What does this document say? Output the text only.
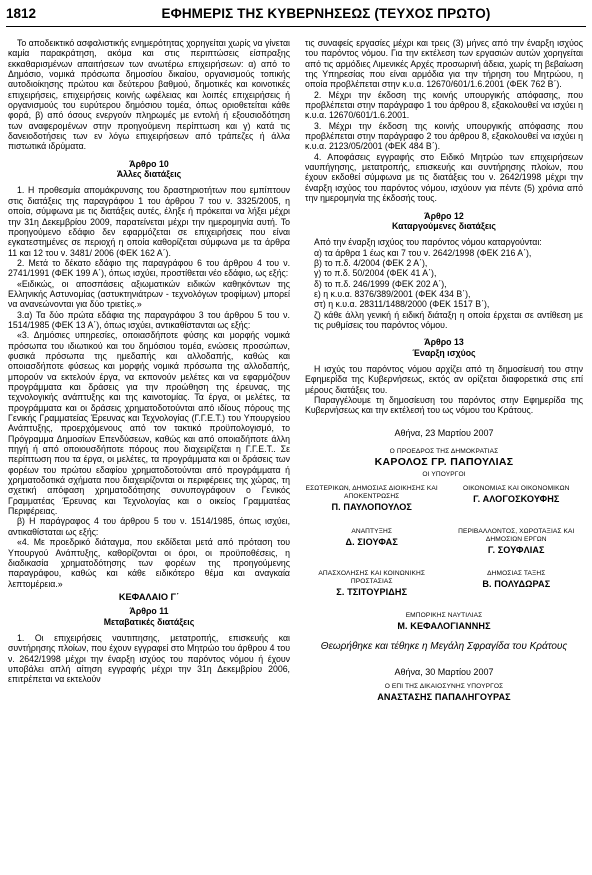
1812	ΕΦΗΜΕΡΙΣ ΤΗΣ ΚΥΒΕΡΝΗΣΕΩΣ (ΤΕΥΧΟΣ ΠΡΩΤΟ)

Το αποδεικτικό ασφαλιστικής ενημερότητας χορηγείται χωρίς να γίνεται καμία παρακράτηση, ακόμα και στις περιπτώσεις είσπραξης εκκαθαρισμένων απαιτήσεων των ανωτέρω επιχειρήσεων: α) από το Δημόσιο, νομικά πρόσωπα δημοσίου δικαίου, οργανισμούς τοπικής αυτοδιοίκησης πρώτου και δεύτερου βαθμού, δημοτικές και κοινοτικές επιχειρήσεις, επιχειρήσεις κοινής ωφέλειας και λοιπές επιχειρήσεις ή οργανισμούς του ευρύτερου δημόσιου τομέα, όπως οριοθετείται κάθε φορά, β) από όσους ενεργούν πληρωμές με εντολή ή εξουσιοδότηση των αναφερομένων στην προηγούμενη περίπτωση και γ) κατά τις δανειοδοτήσεις των εν λόγω επιχειρήσεων από τράπεζες ή άλλα πιστωτικά ιδρύματα.

Άρθρο 10

Άλλες διατάξεις

1. Η προθεσμία απομάκρυνσης του δραστηριοτήτων που εμπίπτουν στις διατάξεις της παραγράφου 1 του άρθρου 7 του ν. 3325/2005, η οποία, σύμφωνα με τις διατάξεις αυτές, έληξε ή πρόκειται να λήξει μέχρι την 31η Δεκεμβρίου 2009, παρατείνεται μέχρι την ημερομηνία αυτή. Το προηγούμενο εδάφιο δεν εφαρμόζεται σε επιχειρήσεις που είναι εγκατεστημένες σε περιοχή η οποία καθορίζεται σύμφωνα με τα άρθρα 11 και 12 του ν. 3481/ 2006 (ΦΕΚ 162 Α΄).

2. Μετά το δέκατο εδάφιο της παραγράφου 6 του άρθρου 4 του ν. 2741/1991 (ΦΕΚ 199 Α΄), όπως ισχύει, προστίθεται νέο εδάφιο, ως εξής:

«Ειδικώς, οι αποσπάσεις αξιωματικών ειδικών καθηκόντων της Ελληνικής Αστυνομίας (αστυκτηνιάτρων - τεχνολόγων τροφίμων) μπορεί να ανανεώνονται για δύο τριετίες.»

3.α) Τα δύο πρώτα εδάφια της παραγράφου 3 του άρθρου 5 του ν. 1514/1985 (ΦΕΚ 13 Α΄), όπως ισχύει, αντικαθίστανται ως εξής:

«3. Δημόσιες υπηρεσίες, οποιασδήποτε φύσης και μορφής νομικά πρόσωπα του ιδιωτικού και του δημόσιου τομέα, ενώσεις προσώπων, φυσικά πρόσωπα της ημεδαπής και αλλοδαπής, καθώς και οποιασδήποτε φύσεως και μορφής νομικά πρόσωπα της αλλοδαπής, μπορούν να εκτελούν έργα, να εκπονούν μελέτες και να εφαρμόζουν προγράμματα και δράσεις για την προώθηση της έρευνας, της τεχνολογικής ανάπτυξης και της καινοτομίας. Τα έργα, οι μελέτες, τα προγράμματα και οι δράσεις χρηματοδοτούνται από ιδίους πόρους της Γενικής Γραμματείας Έρευνας και Τεχνολογίας (Γ.Γ.Ε.Τ.) του Υπουργείου Ανάπτυξης, προερχόμενους από τον τακτικό προϋπολογισμό, το Πρόγραμμα Δημοσίων Επενδύσεων, καθώς και από οποιαδήποτε άλλη πηγή ή από οποιουσδήποτε πόρους που διαχειρίζεται η Γ.Γ.Ε.Τ.. Σε περίπτωση που τα έργα, οι μελέτες, τα προγράμματα και οι δράσεις των φορέων του πρώτου εδαφίου χρηματοδοτούνται από προγράμματα ή χρηματοδοτικά σχήματα που διαχειρίζονται οι περιφέρειες της χώρας, τη σχετική απόφαση χρηματοδότησης συνυπογράφουν ο Γενικός Γραμματέας Έρευνας και Τεχνολογίας και ο οικείος Γραμματέας Περιφέρειας.

β) Η παράγραφος 4 του άρθρου 5 του ν. 1514/1985, όπως ισχύει, αντικαθίσταται ως εξής:

«4. Με προεδρικό διάταγμα, που εκδίδεται μετά από πρόταση του Υπουργού Ανάπτυξης, καθορίζονται οι όροι, οι προϋποθέσεις, η διαδικασία χρηματοδότησης των φορέων της προηγούμενης παραγράφου, καθώς και κάθε ειδικότερο θέμα και αναγκαία λεπτομέρεια.»

ΚΕΦΑΛΑΙΟ Γ΄

Άρθρο 11

Μεταβατικές διατάξεις

1. Οι επιχειρήσεις ναυτιπησης, μετατροπής, επισκευής και συντήρησης πλοίων, που έχουν εγγραφεί στο Μητρώο του άρθρου 4 του ν. 2642/1998 μέχρι την έναρξη ισχύος του παρόντος νόμου ή έχουν υποβάλει απλή αίτηση εγγραφής μέχρι την 31η Δεκεμβρίου 2006, επιτρέπεται να εκτελούν

τις συναφείς εργασίες μέχρι και τρεις (3) μήνες από την έναρξη ισχύος του παρόντος νόμου. Για την εκτέλεση των εργασιών αυτών χορηγείται από τις αρμόδιες Λιμενικές Αρχές προσωρινή άδεια, χωρίς τη βεβαίωση της Υπηρεσίας που είναι αρμόδια για την τήρηση του Μητρώου, η οποία προβλέπεται στην κ.υ.α. 12670/601/1.6.2001 (ΦΕΚ 762 Β΄).

2. Μέχρι την έκδοση της κοινής υπουργικής απόφασης, που προβλέπεται στην παράγραφο 1 του άρθρου 8, εξακολουθεί να ισχύει η κ.υ.α. 12670/601/1.6.2001.

3. Μέχρι την έκδοση της κοινής υπουργικής απόφασης που προβλέπεται στην παράγραφο 2 του άρθρου 8, εξακολουθεί να ισχύει η κ.υ.α. 2123/05/2001 (ΦΕΚ 484 Β΄).

4. Αποφάσεις εγγραφής στο Ειδικό Μητρώο των επιχειρήσεων ναυπήγησης, μετατροπής, επισκευής και συντήρησης πλοίων, που έχουν εκδοθεί σύμφωνα με τις διατάξεις του ν. 2642/1998 μέχρι την έναρξη ισχύος του παρόντος νόμου, ισχύουν για πέντε (5) χρόνια από την ημερομηνία της έκδοσής τους.

Άρθρο 12

Καταργούμενες διατάξεις

Από την έναρξη ισχύος του παρόντος νόμου καταργούνται:

α) τα άρθρα 1 έως και 7 του ν. 2642/1998 (ΦΕΚ 216 Α΄),
β) το π.δ. 4/2004 (ΦΕΚ 2 Α΄),
γ) το π.δ. 50/2004 (ΦΕΚ 41 Α΄),
δ) το π.δ. 246/1999 (ΦΕΚ 202 Α΄),
ε) η κ.υ.α. 8376/389/2001 (ΦΕΚ 434 Β΄),
στ) η κ.υ.α. 28311/1488/2000 (ΦΕΚ 1517 Β΄),
ζ) κάθε άλλη γενική ή ειδική διάταξη η οποία έρχεται σε αντίθεση με τις ρυθμίσεις του παρόντος νόμου.

Άρθρο 13

Έναρξη ισχύος

Η ισχύς του παρόντος νόμου αρχίζει από τη δημοσίευσή του στην Εφημερίδα της Κυβερνήσεως, εκτός αν ορίζεται διαφορετικά στις επί μέρους διατάξεις του.

Παραγγέλουμε τη δημοσίευση του παρόντος στην Εφημερίδα της Κυβερνήσεως και την εκτέλεσή του ως νόμου του Κράτους.

Αθήνα, 23 Μαρτίου 2007

Ο ΠΡΟΕΔΡΟΣ ΤΗΣ ΔΗΜΟΚΡΑΤΙΑΣ

ΚΑΡΟΛΟΣ ΓΡ. ΠΑΠΟΥΛΙΑΣ

ΟΙ ΥΠΟΥΡΓΟΙ

ΕΣΩΤΕΡΙΚΩΝ, ΔΗΜΟΣΙΑΣ ΔΙΟΙΚΗΣΗΣ ΚΑΙ ΑΠΟΚΕΝΤΡΩΣΗΣ

Π. ΠΑΥΛΟΠΟΥΛΟΣ

ΟΙΚΟΝΟΜΙΑΣ ΚΑΙ ΟΙΚΟΝΟΜΙΚΩΝ

Γ. ΑΛΟΓΟΣΚΟΥΦΗΣ

ΑΝΑΠΤΥΞΗΣ

Δ. ΣΙΟΥΦΑΣ

ΠΕΡΙΒΑΛΛΟΝΤΟΣ, ΧΩΡΟΤΑΞΙΑΣ ΚΑΙ ΔΗΜΟΣΙΩΝ ΕΡΓΩΝ

Γ. ΣΟΥΦΛΙΑΣ

ΑΠΑΣΧΟΛΗΣΗΣ ΚΑΙ ΚΟΙΝΩΝΙΚΗΣ ΠΡΟΣΤΑΣΙΑΣ

Σ. ΤΣΙΤΟΥΡΙΔΗΣ

ΔΗΜΟΣΙΑΣ ΤΑΞΗΣ

Β. ΠΟΛΥΔΩΡΑΣ

ΕΜΠΟΡΙΚΗΣ ΝΑΥΤΙΛΙΑΣ

Μ. ΚΕΦΑΛΟΓΙΑΝΝΗΣ

Θεωρήθηκε και τέθηκε η Μεγάλη Σφραγίδα του Κράτους

Αθήνα, 30 Μαρτίου 2007

Ο ΕΠΙ ΤΗΣ ΔΙΚΑΙΟΣΥΝΗΣ ΥΠΟΥΡΓΟΣ

ΑΝΑΣΤΑΣΗΣ ΠΑΠΑΛΗΓΟΥΡΑΣ
